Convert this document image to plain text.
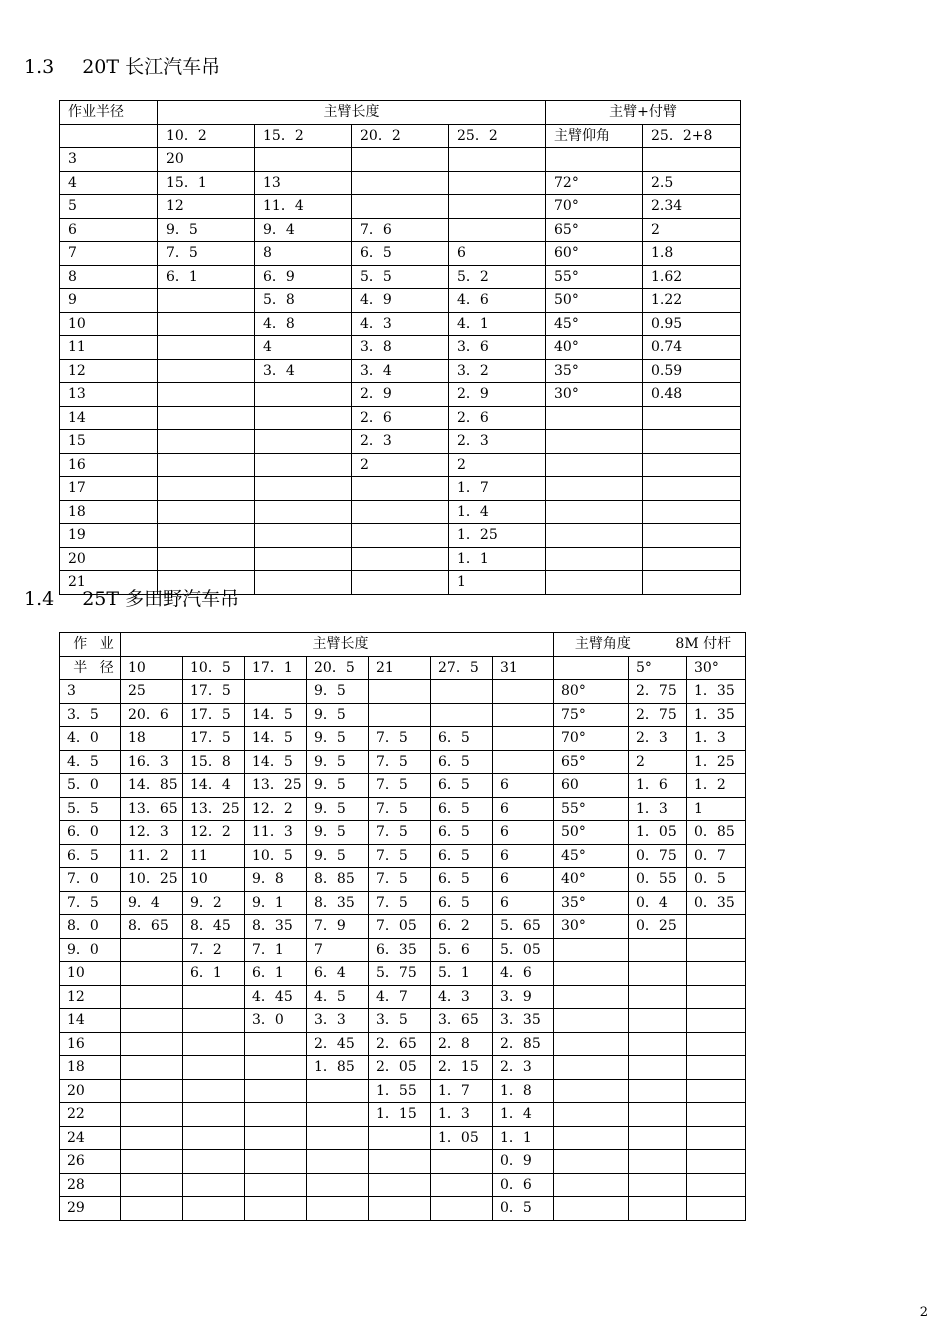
1.3 20T 长江汽车吊
作业半径	主臂长度				主臂+付臂	
	10．2	15．2	20．2	25．2	主臂仰角	25．2+8
3	20					
4	15．1	13			72°	2.5
5	12	11．4			70°	2.34
6	9．5	9．4	7．6		65°	2
7	7．5	8	6．5	6	60°	1.8
8	6．1	6．9	5．5	5．2	55°	1.62
9		5．8	4．9	4．6	50°	1.22
10		4．8	4．3	4．1	45°	0.95
11		4	3．8	3．6	40°	0.74
12		3．4	3．4	3．2	35°	0.59
13			2．9	2．9	30°	0.48
14			2．6	2．6		
15			2．3	2．3		
16			2	2		
17				1．7		
18				1．4		
19				1．25		
20				1．1		
21				1		
1.4 25T 多田野汽车吊
作 业	主臂长度							主臂角度 8M 付杆		

半 径	10	10．5	17．1	20．5	21	27．5	31		5°	30°
3	25	17．5		9．5				80°	2．75	1．35
3．5	20．6	17．5	14．5	9．5				75°	2．75	1．35
4．0	18	17．5	14．5	9．5	7．5	6．5		70°	2．3	1．3
4．5	16．3	15．8	14．5	9．5	7．5	6．5		65°	2	1．25
5．0	14．85	14．4	13．25	9．5	7．5	6．5	6	60	1．6	1．2
5．5	13．65	13．25	12．2	9．5	7．5	6．5	6	55°	1．3	1
6．0	12．3	12．2	11．3	9．5	7．5	6．5	6	50°	1．05	0．85
6．5	11．2	11	10．5	9．5	7．5	6．5	6	45°	0．75	0．7
7．0	10．25	10	9．8	8．85	7．5	6．5	6	40°	0．55	0．5
7．5	9．4	9．2	9．1	8．35	7．5	6．5	6	35°	0．4	0．35
8．0	8．65	8．45	8．35	7．9	7．05	6．2	5．65	30°	0．25	
9．0		7．2	7．1	7	6．35	5．6	5．05			
10		6．1	6．1	6．4	5．75	5．1	4．6			
12			4．45	4．5	4．7	4．3	3．9			
14			3．0	3．3	3．5	3．65	3．35			
16				2．45	2．65	2．8	2．85			
18				1．85	2．05	2．15	2．3			
20					1．55	1．7	1．8			
22					1．15	1．3	1．4			
24						1．05	1．1			
26							0．9			
28							0．6			
29							0．5			
2
